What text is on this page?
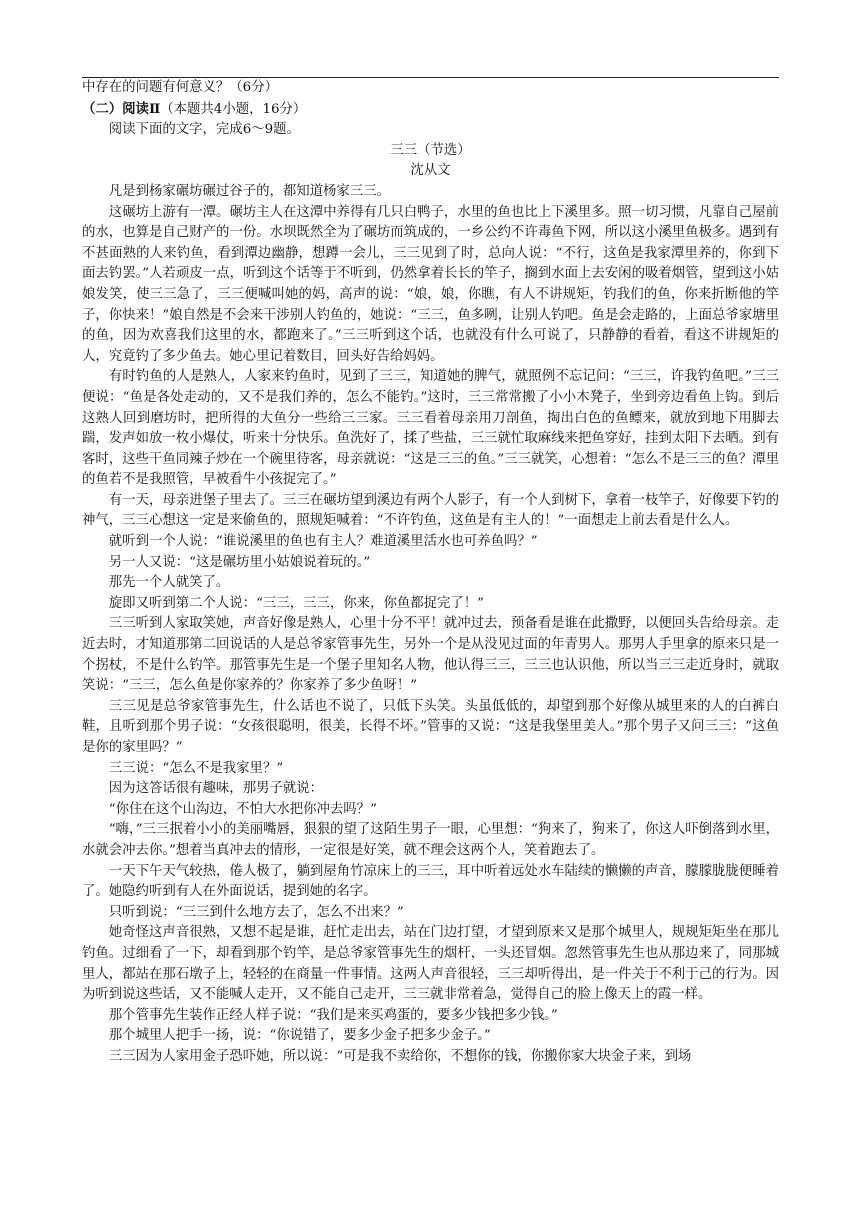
中存在的问题有何意义？（6分）
（二）阅读Ⅱ（本题共4小题，16分）
阅读下面的文字，完成6～9题。
三三（节选）
沈从文
凡是到杨家碾坊碾过谷子的，都知道杨家三三。
这碾坊上游有一潭。碾坊主人在这潭中养得有几只白鸭子，水里的鱼也比上下溪里多。照一切习惯，凡靠自己屋前的水，也算是自己财产的一份。水坝既然全为了碾坊而筑成的，一乡公约不许毒鱼下网，所以这小溪里鱼极多。遇到有不甚面熟的人来钓鱼，看到潭边幽静，想蹲一会儿，三三见到了时，总向人说：“不行，这鱼是我家潭里养的，你到下面去钓罢。”人若顽皮一点，听到这个话等于不听到，仍然拿着长长的竿子，搁到水面上去安闲的吸着烟管，望到这小姑娘发笑，使三三急了，三三便喊叫她的妈，高声的说：“娘，娘，你瞧，有人不讲规矩，钓我们的鱼，你来折断他的竿子，你快来！”娘自然是不会来干涉别人钓鱼的，她说：“三三，鱼多咧，让别人钓吧。鱼是会走路的，上面总爷家塘里的鱼，因为欢喜我们这里的水，都跑来了。”三三听到这个话，也就没有什么可说了，只静静的看着，看这不讲规矩的人，究竟钓了多少鱼去。她心里记着数目，回头好告给妈妈。
有时钓鱼的人是熟人，人家来钓鱼时，见到了三三，知道她的脾气，就照例不忘记问：“三三，许我钓鱼吧。”三三便说：“鱼是各处走动的，又不是我们养的，怎么不能钓。”这时，三三常常搬了小小木凳子，坐到旁边看鱼上钩。到后这熟人回到磨坊时，把所得的大鱼分一些给三三家。三三看着母亲用刀剖鱼，掏出白色的鱼鳔来，就放到地下用脚去踹，发声如放一枚小爆仗，听来十分快乐。鱼洗好了，揉了些盐，三三就忙取麻线来把鱼穿好，挂到太阳下去晒。到有客时，这些干鱼同辣子炒在一个碗里待客，母亲就说：“这是三三的鱼。”三三就笑，心想着：“怎么不是三三的鱼？潭里的鱼若不是我照管，早被看牛小孩捉完了。”
有一天，母亲进堡子里去了。三三在碾坊望到溪边有两个人影子，有一个人到树下，拿着一枝竿子，好像要下钓的神气，三三心想这一定是来偷鱼的，照规矩喊着：“不许钓鱼，这鱼是有主人的！”一面想走上前去看是什么人。
就听到一个人说：“谁说溪里的鱼也有主人？难道溪里活水也可养鱼吗？”
另一人又说：“这是碾坊里小姑娘说着玩的。”
那先一个人就笑了。
旋即又听到第二个人说：“三三，三三，你来，你鱼都捉完了！”
三三听到人家取笑她，声音好像是熟人，心里十分不平！就冲过去，预备看是谁在此撒野，以便回头告给母亲。走近去时，才知道那第二回说话的人是总爷家管事先生，另外一个是从没见过面的年青男人。那男人手里拿的原来只是一个拐杖，不是什么钓竿。那管事先生是一个堡子里知名人物，他认得三三，三三也认识他，所以当三三走近身时，就取笑说：“三三，怎么鱼是你家养的？你家养了多少鱼呀！”
三三见是总爷家管事先生，什么话也不说了，只低下头笑。头虽低低的，却望到那个好像从城里来的人的白裤白鞋，且听到那个男子说：“女孩很聪明，很美，长得不坏。”管事的又说：“这是我堡里美人。”那个男子又问三三：“这鱼是你的家里吗？”
三三说：“怎么不是我家里？”
因为这答话很有趣味，那男子就说：
“你住在这个山沟边，不怕大水把你冲去吗？”
“嗨，”三三抿着小小的美丽嘴唇，狠狠的望了这陌生男子一眼，心里想：“狗来了，狗来了，你这人吓倒落到水里，水就会冲去你。”想着当真冲去的情形，一定很是好笑，就不理会这两个人，笑着跑去了。
一天下午天气较热，倦人极了，躺到屋角竹凉床上的三三，耳中听着远处水车陆续的懒懒的声音，朦朦胧胧便睡着了。她隐约听到有人在外面说话，提到她的名字。
只听到说：“三三到什么地方去了，怎么不出来？”
她奇怪这声音很熟，又想不起是谁，赶忙走出去，站在门边打望，才望到原来又是那个城里人，规规矩矩坐在那儿钓鱼。过细看了一下，却看到那个钓竿，是总爷家管事先生的烟杆，一头还冒烟。忽然管事先生也从那边来了，同那城里人，都站在那石墩子上，轻轻的在商量一件事情。这两人声音很轻，三三却听得出，是一件关于不利于己的行为。因为听到说这些话，又不能喊人走开，又不能自己走开，三三就非常着急，觉得自己的脸上像天上的霞一样。
那个管事先生装作正经人样子说：“我们是来买鸡蛋的，要多少钱把多少钱。”
那个城里人把手一扬，说：“你说错了，要多少金子把多少金子。”
三三因为人家用金子恐吓她，所以说：“可是我不卖给你，不想你的钱，你搬你家大块金子来，到场
